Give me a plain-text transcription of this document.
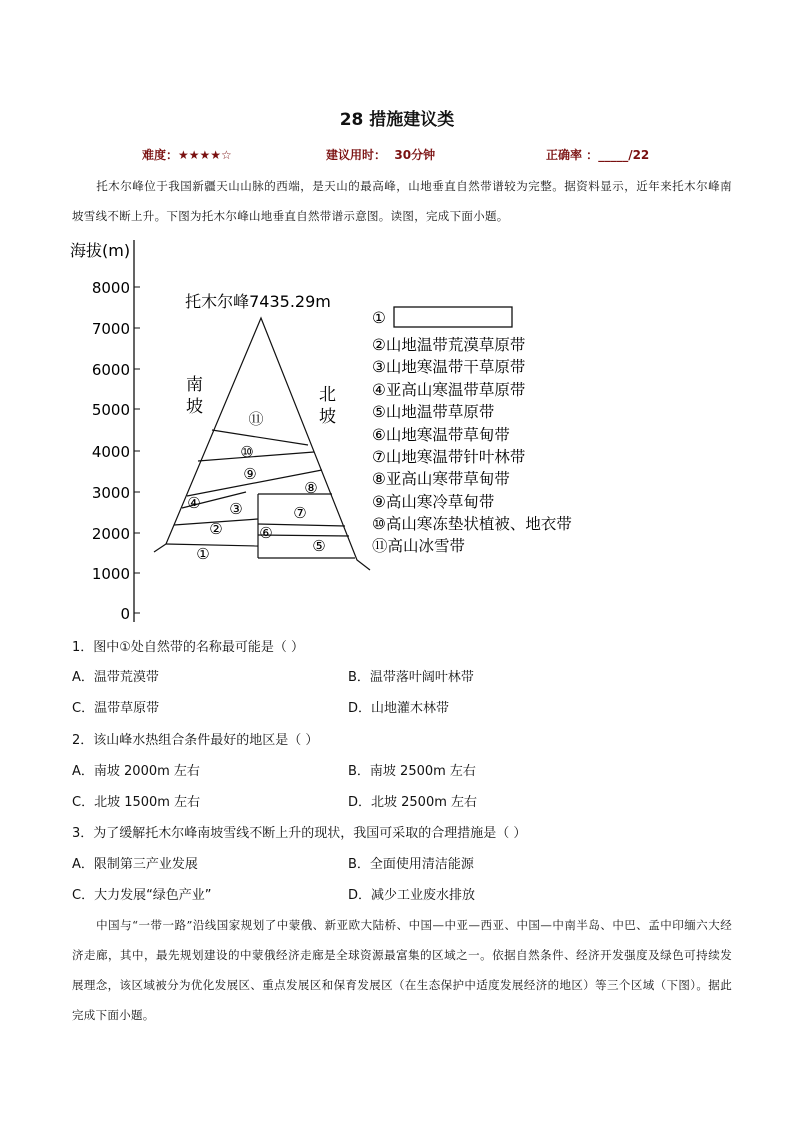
28 措施建议类
难度：★★★★☆	建议用时： 30分钟	正确率 ：_____/22
托木尔峰位于我国新疆天山山脉的西端，是天山的最高峰，山地垂直自然带谱较为完整。据资料显示，近年来托木尔峰南坡雪线不断上升。下图为托木尔峰山地垂直自然带谱示意图。读图，完成下面小题。
海拔(m)
8000
7000
6000
5000
4000
3000
2000
1000
0
托木尔峰7435.29m
南
坡
北
坡
①
②
③
④
⑤
⑥
⑦
⑧
⑨
⑩
⑪
①
②山地温带荒漠草原带
③山地寒温带干草原带
④亚高山寒温带草原带
⑤山地温带草原带
⑥山地寒温带草甸带
⑦山地寒温带针叶林带
⑧亚高山寒带草甸带
⑨高山寒冷草甸带
⑩高山寒冻垫状植被、地衣带
⑪高山冰雪带
1．图中①处自然带的名称最可能是（ ）
A．温带荒漠带	B．温带落叶阔叶林带
C．温带草原带	D．山地灌木林带
2．该山峰水热组合条件最好的地区是（ ）
A．南坡 2000m 左右	B．南坡 2500m 左右
C．北坡 1500m 左右	D．北坡 2500m 左右
3．为了缓解托木尔峰南坡雪线不断上升的现状，我国可采取的合理措施是（ ）
A．限制第三产业发展	B．全面使用清洁能源
C．大力发展“绿色产业”	D．减少工业废水排放
中国与“一带一路”沿线国家规划了中蒙俄、新亚欧大陆桥、中国—中亚—西亚、中国—中南半岛、中巴、孟中印缅六大经济走廊，其中，最先规划建设的中蒙俄经济走廊是全球资源最富集的区域之一。依据自然条件、经济开发强度及绿色可持续发展理念，该区域被分为优化发展区、重点发展区和保育发展区（在生态保护中适度发展经济的地区）等三个区域（下图）。据此完成下面小题。
